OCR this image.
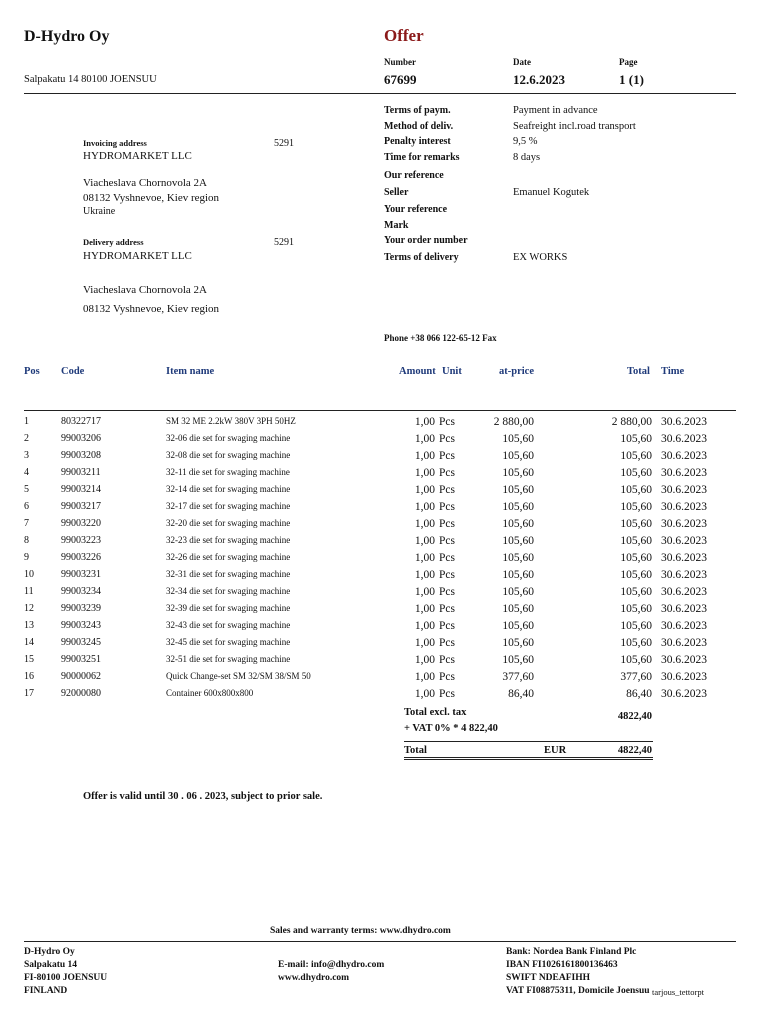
D-Hydro Oy
Salpakatu 14 80100 JOENSUU
Offer
Number
67699
Date
12.6.2023
Page
1 (1)
Invoicing address	5291
HYDROMARKET LLC
Viacheslava Chornovola 2A
08132 Vyshnevoe, Kiev region
Ukraine
Delivery address	5291
HYDROMARKET LLC
Viacheslava Chornovola 2A
08132 Vyshnevoe, Kiev region
Terms of paym.	Payment in advance
Method of deliv.	Seafreight incl.road transport
Penalty interest	9,5 %
Time for remarks	8 days
Our reference
Seller	Emanuel Kogutek
Your reference
Mark
Your order number
Terms of delivery	EX WORKS
Phone +38 066 122-65-12 Fax
Pos Code	Item name	Amount Unit	at-price	Total Time
1	80322717	SM 32 ME 2.2kW 380V 3PH 50HZ	1,00 Pcs	2 880,00	2 880,00 30.6.2023
2	99003206	32-06 die set for swaging machine	1,00 Pcs	105,60	105,60 30.6.2023
3	99003208	32-08 die set for swaging machine	1,00 Pcs	105,60	105,60 30.6.2023
4	99003211	32-11 die set for swaging machine	1,00 Pcs	105,60	105,60 30.6.2023
5	99003214	32-14 die set for swaging machine	1,00 Pcs	105,60	105,60 30.6.2023
6	99003217	32-17 die set for swaging machine	1,00 Pcs	105,60	105,60 30.6.2023
7	99003220	32-20 die set for swaging machine	1,00 Pcs	105,60	105,60 30.6.2023
8	99003223	32-23 die set for swaging machine	1,00 Pcs	105,60	105,60 30.6.2023
9	99003226	32-26 die set for swaging machine	1,00 Pcs	105,60	105,60 30.6.2023
10	99003231	32-31 die set for swaging machine	1,00 Pcs	105,60	105,60 30.6.2023
11	99003234	32-34 die set for swaging machine	1,00 Pcs	105,60	105,60 30.6.2023
12	99003239	32-39 die set for swaging machine	1,00 Pcs	105,60	105,60 30.6.2023
13	99003243	32-43 die set for swaging machine	1,00 Pcs	105,60	105,60 30.6.2023
14	99003245	32-45 die set for swaging machine	1,00 Pcs	105,60	105,60 30.6.2023
15	99003251	32-51 die set for swaging machine	1,00 Pcs	105,60	105,60 30.6.2023
16	90000062	Quick Change-set SM 32/SM 38/SM 50	1,00 Pcs	377,60	377,60 30.6.2023
17	92000080	Container 600x800x800	1,00 Pcs	86,40	86,40 30.6.2023
Total excl. tax	4822,40
+ VAT 0% * 4 822,40
Total	EUR	4822,40
Offer is valid until 30 . 06 . 2023, subject to prior sale.
Sales and warranty terms: www.dhydro.com
D-Hydro Oy
Salpakatu 14
FI-80100 JOENSUU
FINLAND
E-mail: info@dhydro.com
www.dhydro.com
Bank: Nordea Bank Finland Plc
IBAN FI1026161800136463
SWIFT NDEAFIHH
VAT FI08875311, Domicile Joensuu tarjous_tettorpt
